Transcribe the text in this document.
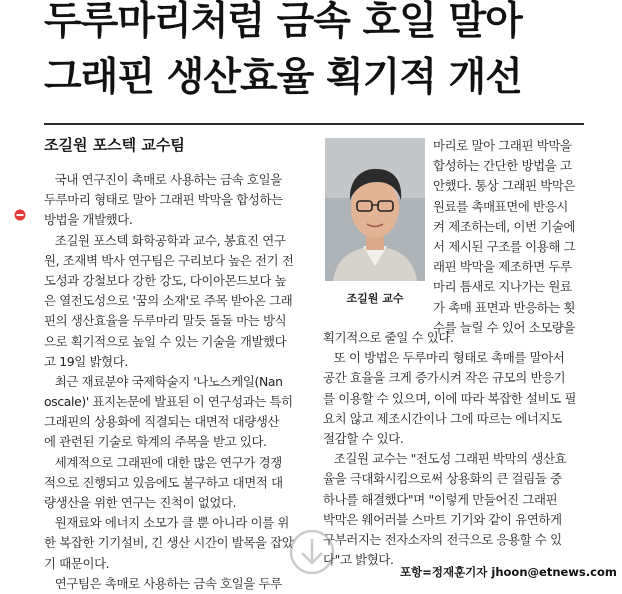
두루마리처럼 금속 호일 말아
그래핀 생산효율 획기적 개선
조길원 포스텍 교수팀
국내 연구진이 촉매로 사용하는 금속 호일을
두루마리 형태로 말아 그래핀 박막을 합성하는
방법을 개발했다.
조길원 포스텍 화학공학과 교수, 봉효진 연구
원, 조재벽 박사 연구팀은 구리보다 높은 전기 전
도성과 강철보다 강한 강도, 다이아몬드보다 높
은 열전도성으로 '꿈의 소재'로 주목 받아온 그래
핀의 생산효율을 두루마리 말듯 돌돌 마는 방식
으로 획기적으로 높일 수 있는 기술을 개발했다
고 19일 밝혔다.
최근 재료분야 국제학술지 '나노스케일(Nan
oscale)' 표지논문에 발표된 이 연구성과는 특히
그래핀의 상용화에 직결되는 대면적 대량생산
에 관련된 기술로 학계의 주목을 받고 있다.
세계적으로 그래핀에 대한 많은 연구가 경쟁
적으로 진행되고 있음에도 불구하고 대면적 대
량생산을 위한 연구는 진척이 없었다.
원재료와 에너지 소모가 클 뿐 아니라 이를 위
한 복잡한 기기설비, 긴 생산 시간이 발목을 잡았
기 때문이다.
연구팀은 촉매로 사용하는 금속 호일을 두루
조길원 교수
마리로 말아 그래핀 박막을
합성하는 간단한 방법을 고
안했다. 통상 그래핀 박막은
원료를 촉매표면에 반응시
켜 제조하는데, 이번 기술에
서 제시된 구조를 이용해 그
래핀 박막을 제조하면 두루
마리 틈새로 지나가는 원료
가 촉매 표면과 반응하는 횟
수를 늘릴 수 있어 소모량을
획기적으로 줄일 수 있다.
또 이 방법은 두루마리 형태로 촉매를 말아서
공간 효율을 크게 증가시켜 작은 규모의 반응기
를 이용할 수 있으며, 이에 따라 복잡한 설비도 필
요치 않고 제조시간이나 그에 따르는 에너지도
절감할 수 있다.
조길원 교수는 "전도성 그래핀 박막의 생산효
율을 극대화시킴으로써 상용화의 큰 걸림돌 중
하나를 해결했다"며 "이렇게 만들어진 그래핀
박막은 웨어러블 스마트 기기와 같이 유연하게
구부러지는 전자소자의 전극으로 응용할 수 있
다"고 밝혔다.
포항=정재훈기자 jhoon@etnews.com
